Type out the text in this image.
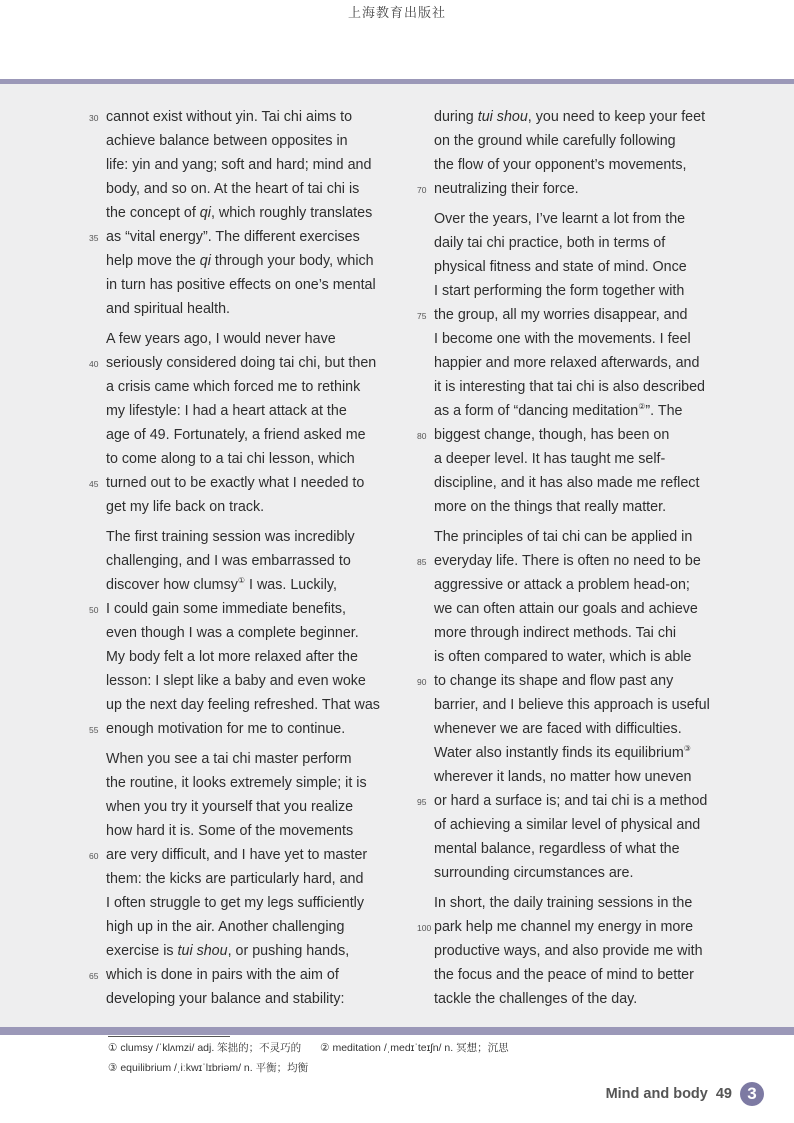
上海教育出版社

30 cannot exist without yin. Tai chi aims to
achieve balance between opposites in
life: yin and yang; soft and hard; mind and
body, and so on. At the heart of tai chi is
the concept of qi, which roughly translates
35 as “vital energy”. The different exercises
help move the qi through your body, which
in turn has positive effects on one’s mental
and spiritual health.

A few years ago, I would never have
40 seriously considered doing tai chi, but then
a crisis came which forced me to rethink
my lifestyle: I had a heart attack at the
age of 49. Fortunately, a friend asked me
to come along to a tai chi lesson, which
45 turned out to be exactly what I needed to
get my life back on track.

The first training session was incredibly
challenging, and I was embarrassed to
discover how clumsy① I was. Luckily,
50 I could gain some immediate benefits,
even though I was a complete beginner.
My body felt a lot more relaxed after the
lesson: I slept like a baby and even woke
up the next day feeling refreshed. That was
55 enough motivation for me to continue.

When you see a tai chi master perform
the routine, it looks extremely simple; it is
when you try it yourself that you realize
how hard it is. Some of the movements
60 are very difficult, and I have yet to master
them: the kicks are particularly hard, and
I often struggle to get my legs sufficiently
high up in the air. Another challenging
exercise is tui shou, or pushing hands,
65 which is done in pairs with the aim of
developing your balance and stability:

during tui shou, you need to keep your feet
on the ground while carefully following
the flow of your opponent’s movements,
70 neutralizing their force.

Over the years, I’ve learnt a lot from the
daily tai chi practice, both in terms of
physical fitness and state of mind. Once
I start performing the form together with
75 the group, all my worries disappear, and
I become one with the movements. I feel
happier and more relaxed afterwards, and
it is interesting that tai chi is also described
as a form of “dancing meditation②”. The
80 biggest change, though, has been on
a deeper level. It has taught me self-
discipline, and it has also made me reflect
more on the things that really matter.

The principles of tai chi can be applied in
85 everyday life. There is often no need to be
aggressive or attack a problem head-on;
we can often attain our goals and achieve
more through indirect methods. Tai chi
is often compared to water, which is able
90 to change its shape and flow past any
barrier, and I believe this approach is useful
whenever we are faced with difficulties.
Water also instantly finds its equilibrium③
wherever it lands, no matter how uneven
95 or hard a surface is; and tai chi is a method
of achieving a similar level of physical and
mental balance, regardless of what the
surrounding circumstances are.

In short, the daily training sessions in the
100 park help me channel my energy in more
productive ways, and also provide me with
the focus and the peace of mind to better
tackle the challenges of the day.

① clumsy /ˈklʌmzi/ adj. 笨拙的；不灵巧的 ② meditation /ˌmedɪˈteɪʃn/ n. 冥想；沉思
③ equilibrium /ˌiːkwɪˈlɪbriəm/ n. 平衡；均衡
Mind and body 49 3
